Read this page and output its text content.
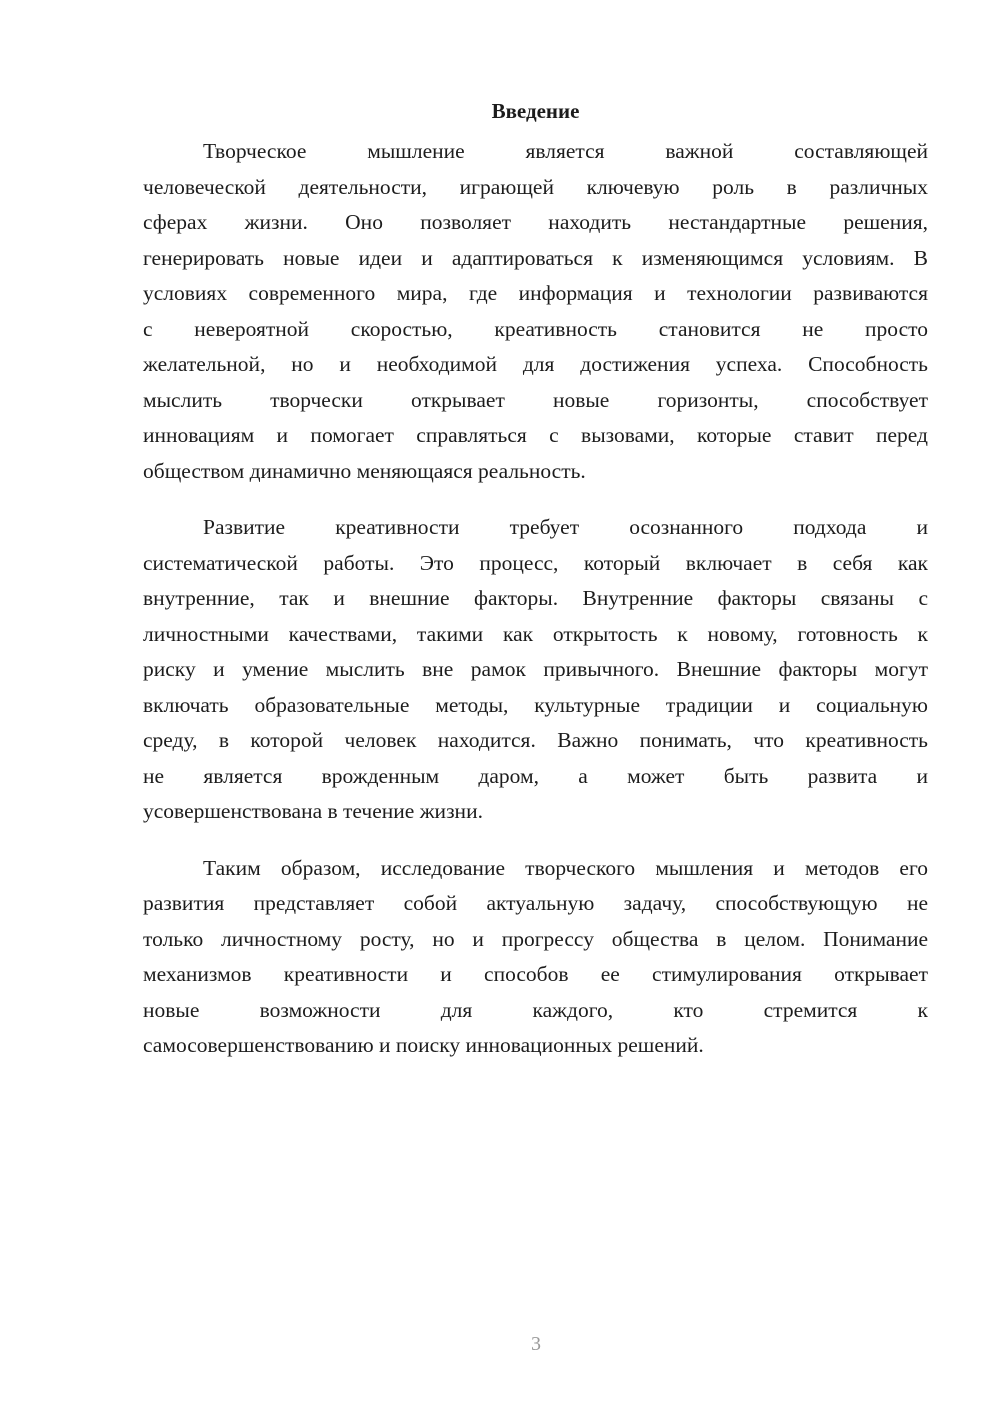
Введение

Творческое мышление является важной составляющей
человеческой деятельности, играющей ключевую роль в различных
сферах жизни. Оно позволяет находить нестандартные решения,
генерировать новые идеи и адаптироваться к изменяющимся условиям. В
условиях современного мира, где информация и технологии развиваются
с невероятной скоростью, креативность становится не просто
желательной, но и необходимой для достижения успеха. Способность
мыслить творчески открывает новые горизонты, способствует
инновациям и помогает справляться с вызовами, которые ставит перед
обществом динамично меняющаяся реальность.

Развитие креативности требует осознанного подхода и
систематической работы. Это процесс, который включает в себя как
внутренние, так и внешние факторы. Внутренние факторы связаны с
личностными качествами, такими как открытость к новому, готовность к
риску и умение мыслить вне рамок привычного. Внешние факторы могут
включать образовательные методы, культурные традиции и социальную
среду, в которой человек находится. Важно понимать, что креативность
не является врожденным даром, а может быть развита и
усовершенствована в течение жизни.

Таким образом, исследование творческого мышления и методов его
развития представляет собой актуальную задачу, способствующую не
только личностному росту, но и прогрессу общества в целом. Понимание
механизмов креативности и способов ее стимулирования открывает
новые возможности для каждого, кто стремится к
самосовершенствованию и поиску инновационных решений.

3
